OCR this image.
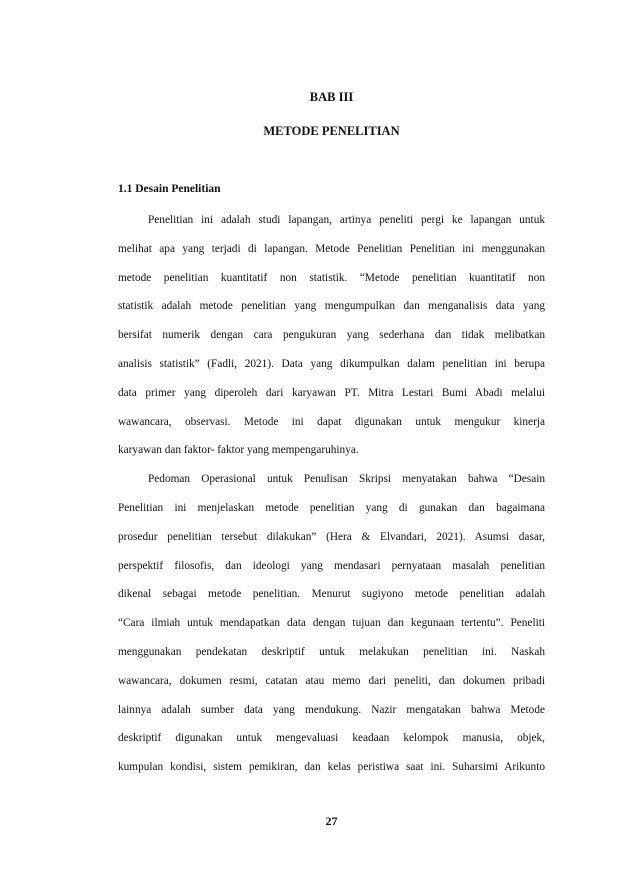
BAB III
METODE PENELITIAN
1.1 Desain Penelitian

Penelitian ini adalah studi lapangan, artinya peneliti pergi ke lapangan untuk
melihat apa yang terjadi di lapangan. Metode Penelitian Penelitian ini menggunakan
metode penelitian kuantitatif non statistik. “Metode penelitian kuantitatif non
statistik adalah metode penelitian yang mengumpulkan dan menganalisis data yang
bersifat numerik dengan cara pengukuran yang sederhana dan tidak melibatkan
analisis statistik” (Fadli, 2021). Data yang dikumpulkan dalam penelitian ini berupa
data primer yang diperoleh dari karyawan PT. Mitra Lestari Bumi Abadi melalui
wawancara, observasi. Metode ini dapat digunakan untuk mengukur kinerja
karyawan dan faktor- faktor yang mempengaruhinya.

Pedoman Operasional untuk Penulisan Skripsi menyatakan bahwa “Desain
Penelitian ini menjelaskan metode penelitian yang di gunakan dan bagaimana
prosedur penelitian tersebut dilakukan” (Hera & Elvandari, 2021). Asumsi dasar,
perspektif filosofis, dan ideologi yang mendasari pernyataan masalah penelitian
dikenal sebagai metode penelitian. Menurut sugiyono metode penelitian adalah
“Cara ilmiah untuk mendapatkan data dengan tujuan dan kegunaan tertentu”. Peneliti
menggunakan pendekatan deskriptif untuk melakukan penelitian ini. Naskah
wawancara, dokumen resmi, catatan atau memo dari peneliti, dan dokumen pribadi
lainnya adalah sumber data yang mendukung. Nazir mengatakan bahwa Metode
deskriptif digunakan untuk mengevaluasi keadaan kelompok manusia, objek,
kumpulan kondisi, sistem pemikiran, dan kelas peristiwa saat ini. Suharsimi Arikunto

27
